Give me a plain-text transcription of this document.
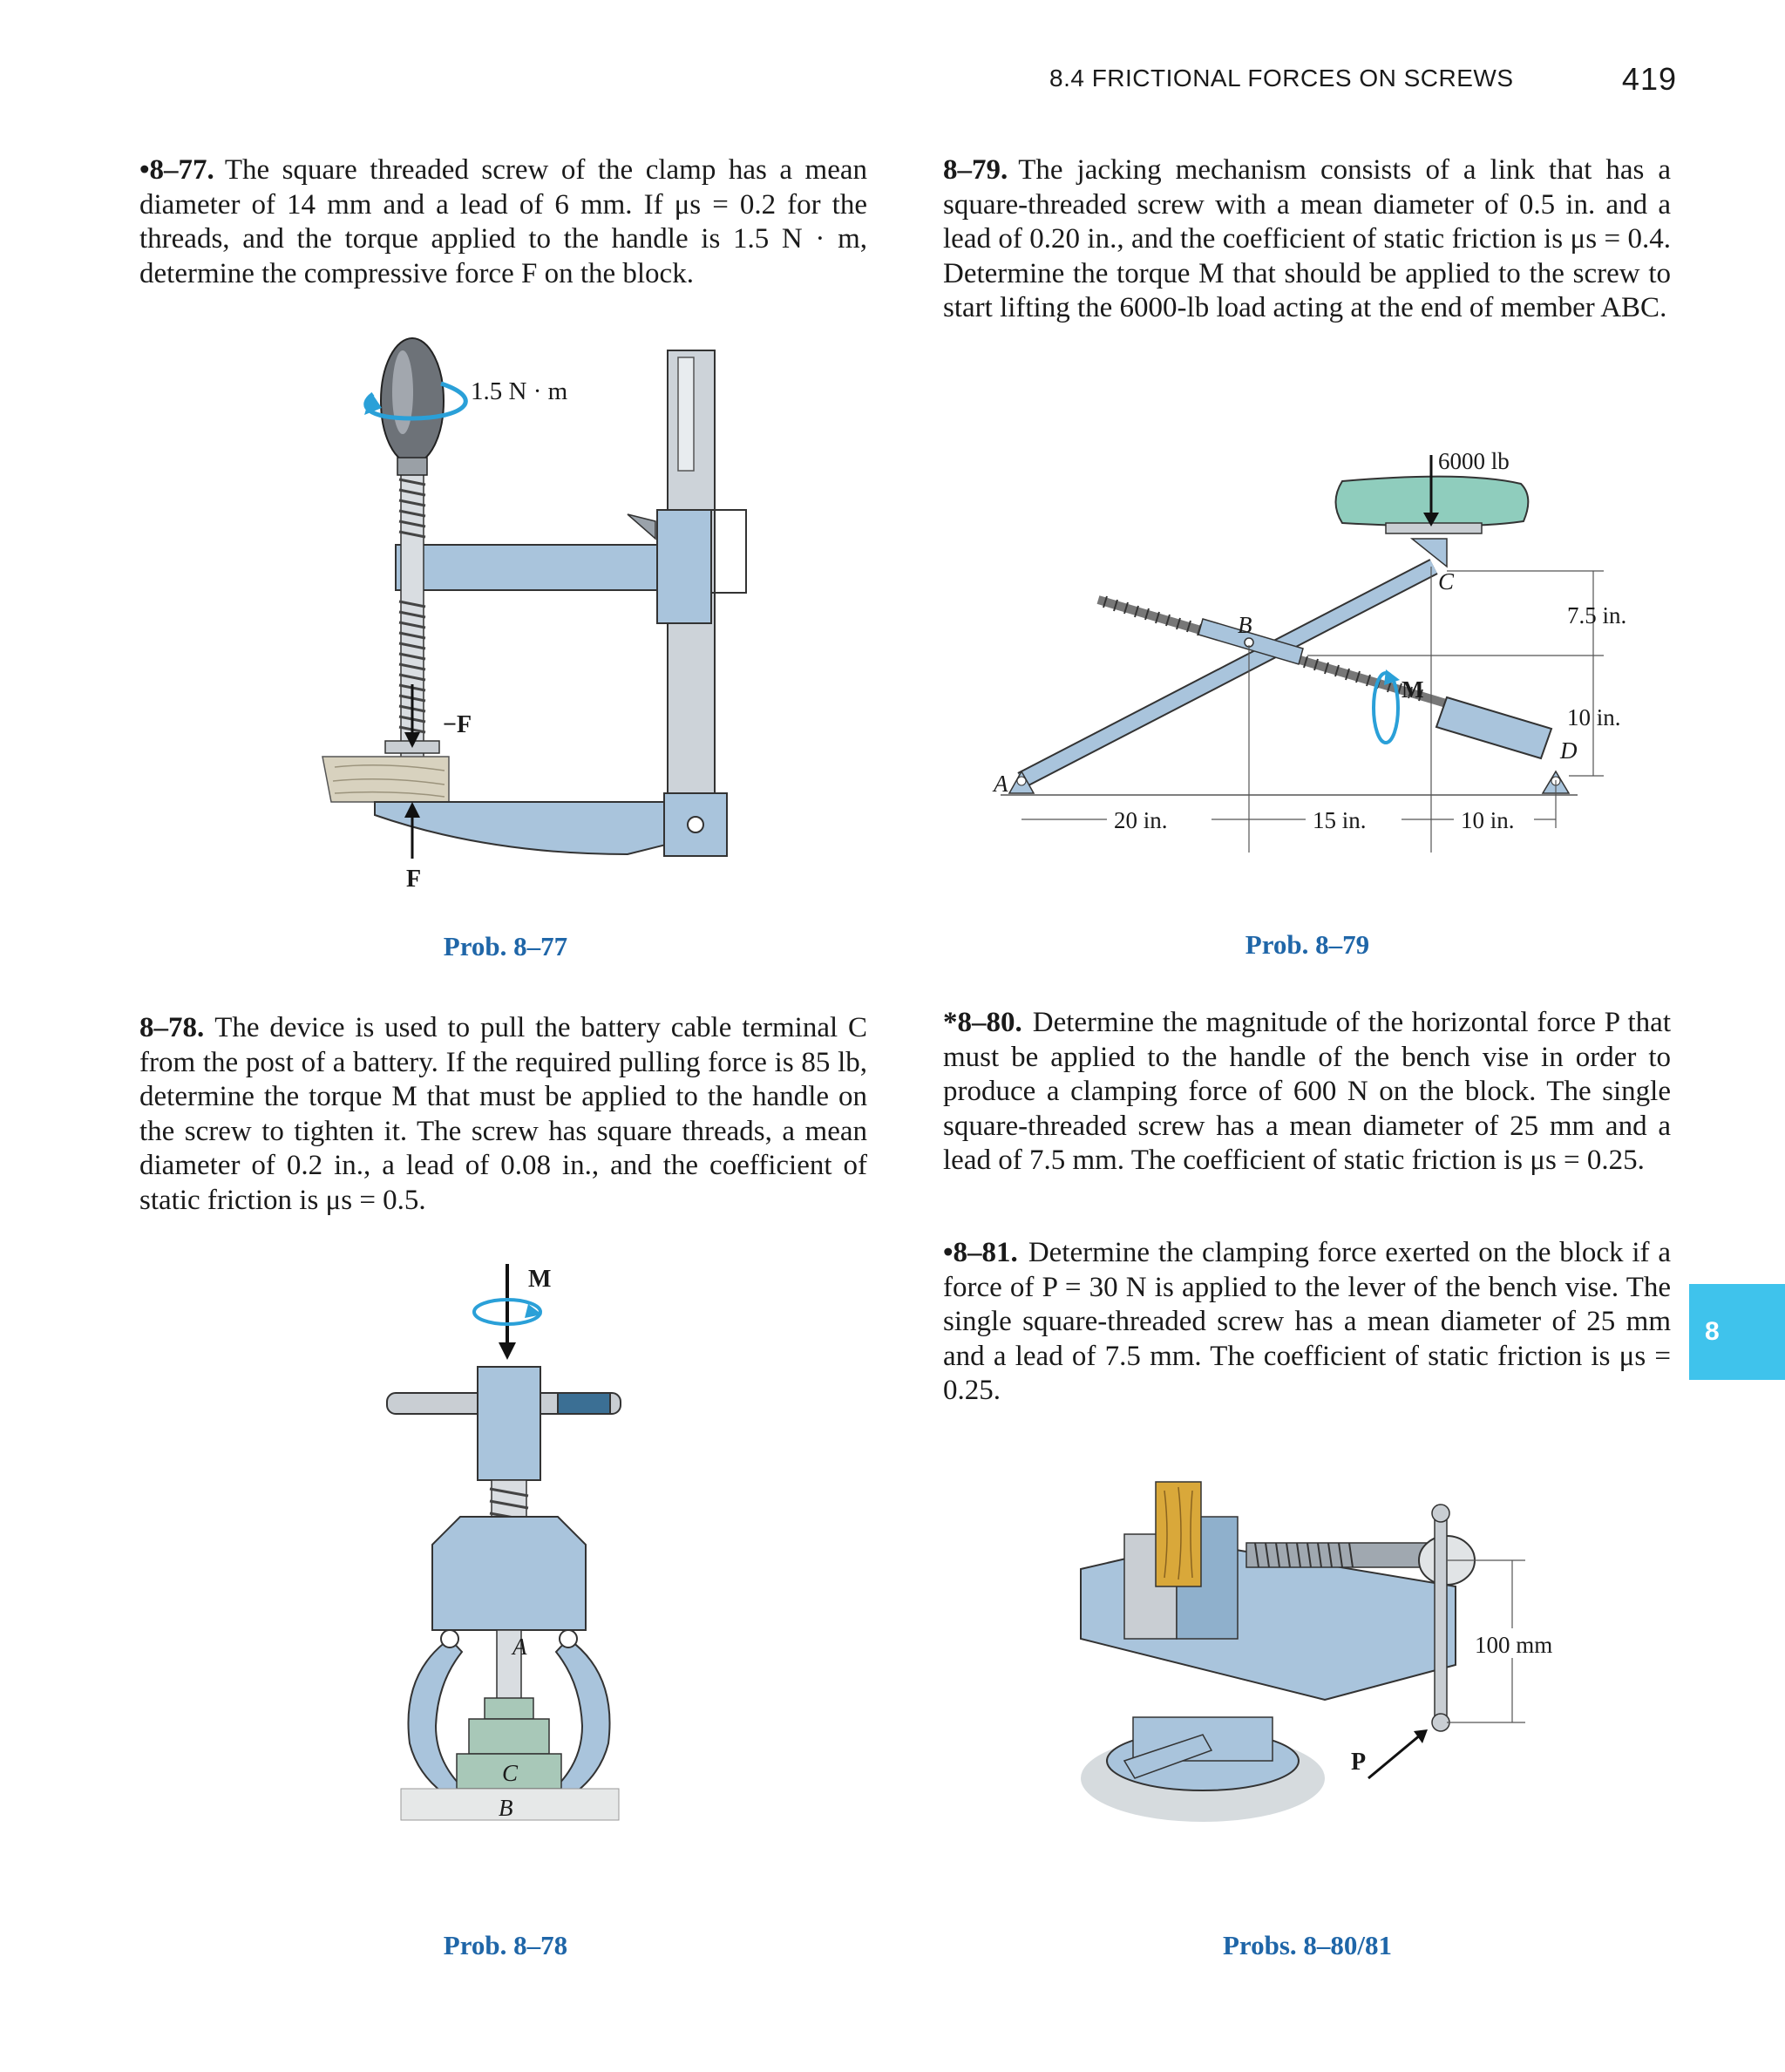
8.4 FRICTIONAL FORCES ON SCREWS	419
•8–77. The square threaded screw of the clamp has a mean diameter of 14 mm and a lead of 6 mm. If μs = 0.2 for the threads, and the torque applied to the handle is 1.5 N · m, determine the compressive force F on the block.
8–79. The jacking mechanism consists of a link that has a square-threaded screw with a mean diameter of 0.5 in. and a lead of 0.20 in., and the coefficient of static friction is μs = 0.4. Determine the torque M that should be applied to the screw to start lifting the 6000-lb load acting at the end of member ABC.
1.5 N · m
−F
F
6000 lb
M
A
B
C
D
7.5 in.
10 in.
20 in.	15 in.	10 in.
Prob. 8–77	Prob. 8–79
8–78. The device is used to pull the battery cable terminal C from the post of a battery. If the required pulling force is 85 lb, determine the torque M that must be applied to the handle on the screw to tighten it. The screw has square threads, a mean diameter of 0.2 in., a lead of 0.08 in., and the coefficient of static friction is μs = 0.5.
*8–80. Determine the magnitude of the horizontal force P that must be applied to the handle of the bench vise in order to produce a clamping force of 600 N on the block. The single square-threaded screw has a mean diameter of 25 mm and a lead of 7.5 mm. The coefficient of static friction is μs = 0.25.
•8–81. Determine the clamping force exerted on the block if a force of P = 30 N is applied to the lever of the bench vise. The single square-threaded screw has a mean diameter of 25 mm and a lead of 7.5 mm. The coefficient of static friction is μs = 0.25.
8
M
A
C
B
P
100 mm
Prob. 8–78	Probs. 8–80/81
